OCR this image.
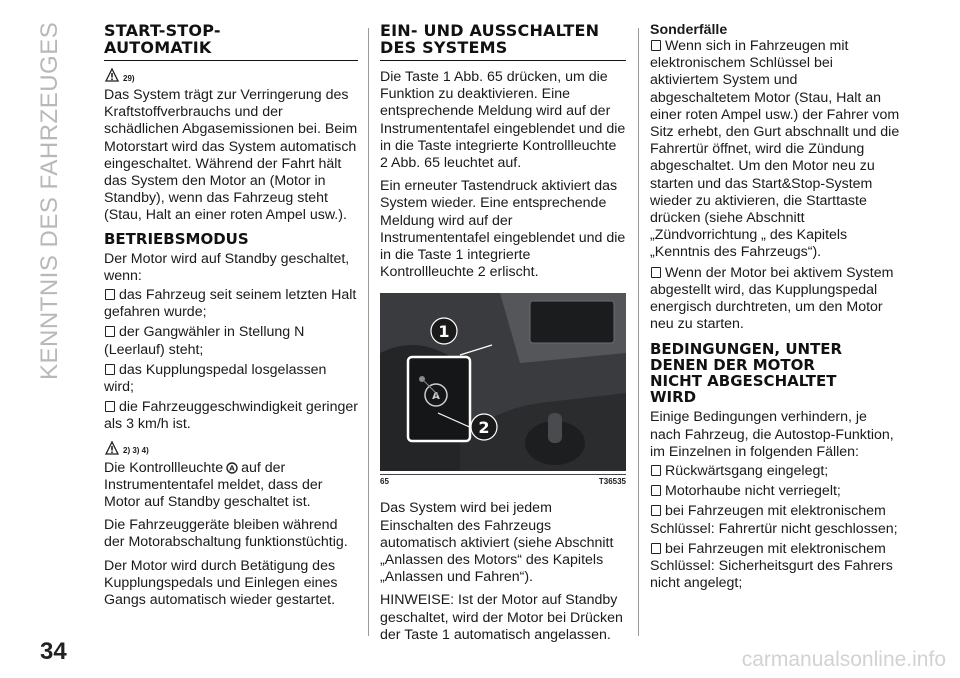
KENNTNIS DES FAHRZEUGES	START-STOP-
AUTOMATIK
29)

Das System trägt zur Verringerung des Kraftstoffverbrauchs und der schädlichen Abgasemissionen bei. Beim Motorstart wird das System automatisch eingeschaltet. Während der Fahrt hält das System den Motor an (Motor in Standby), wenn das Fahrzeug steht (Stau, Halt an einer roten Ampel usw.).

BETRIEBSMODUS

Der Motor wird auf Standby geschaltet, wenn:

das Fahrzeug seit seinem letzten Halt gefahren wurde;
der Gangwähler in Stellung N (Leerlauf) steht;
das Kupplungspedal losgelassen wird;
die Fahrzeuggeschwindigkeit geringer als 3 km/h ist.
2) 3) 4)

Die Kontrollleuchte A auf der Instrumententafel meldet, dass der Motor auf Standby geschaltet ist.

Die Fahrzeuggeräte bleiben während der Motorabschaltung funktionstüchtig.

Der Motor wird durch Betätigung des Kupplungspedals und Einlegen eines Gangs automatisch wieder gestartet.

EIN- UND AUSSCHALTEN
DES SYSTEMS

Die Taste 1 Abb. 65 drücken, um die Funktion zu deaktivieren. Eine entsprechende Meldung wird auf der Instrumententafel eingeblendet und die in die Taste integrierte Kontrollleuchte 2 Abb. 65 leuchtet auf.

Ein erneuter Tastendruck aktiviert das System wieder. Eine entsprechende Meldung wird auf der Instrumententafel eingeblendet und die in die Taste 1 integrierte Kontrollleuchte 2 erlischt.

A
1
2
65	T36535

Das System wird bei jedem Einschalten des Fahrzeugs automatisch aktiviert (siehe Abschnitt „Anlassen des Motors“ des Kapitels „Anlassen und Fahren“).

HINWEISE: Ist der Motor auf Standby geschaltet, wird der Motor bei Drücken der Taste 1 automatisch angelassen.

Sonderfälle
Wenn sich in Fahrzeugen mit elektronischem Schlüssel bei aktiviertem System und abgeschaltetem Motor (Stau, Halt an einer roten Ampel usw.) der Fahrer vom Sitz erhebt, den Gurt abschnallt und die Fahrertür öffnet, wird die Zündung abgeschaltet. Um den Motor neu zu starten und das Start&Stop-System wieder zu aktivieren, die Starttaste drücken (siehe Abschnitt „Zündvorrichtung „ des Kapitels „Kenntnis des Fahrzeugs“).
Wenn der Motor bei aktivem System abgestellt wird, das Kupplungspedal energisch durchtreten, um den Motor neu zu starten.
BEDINGUNGEN, UNTER
DENEN DER MOTOR
NICHT ABGESCHALTET
WIRD

Einige Bedingungen verhindern, je nach Fahrzeug, die Autostop-Funktion, im Einzelnen in folgenden Fällen:

Rückwärtsgang eingelegt;
Motorhaube nicht verriegelt;
bei Fahrzeugen mit elektronischem Schlüssel: Fahrertür nicht geschlossen;
bei Fahrzeugen mit elektronischem Schlüssel: Sicherheitsgurt des Fahrers nicht angelegt;
34	carmanualsonline.info
